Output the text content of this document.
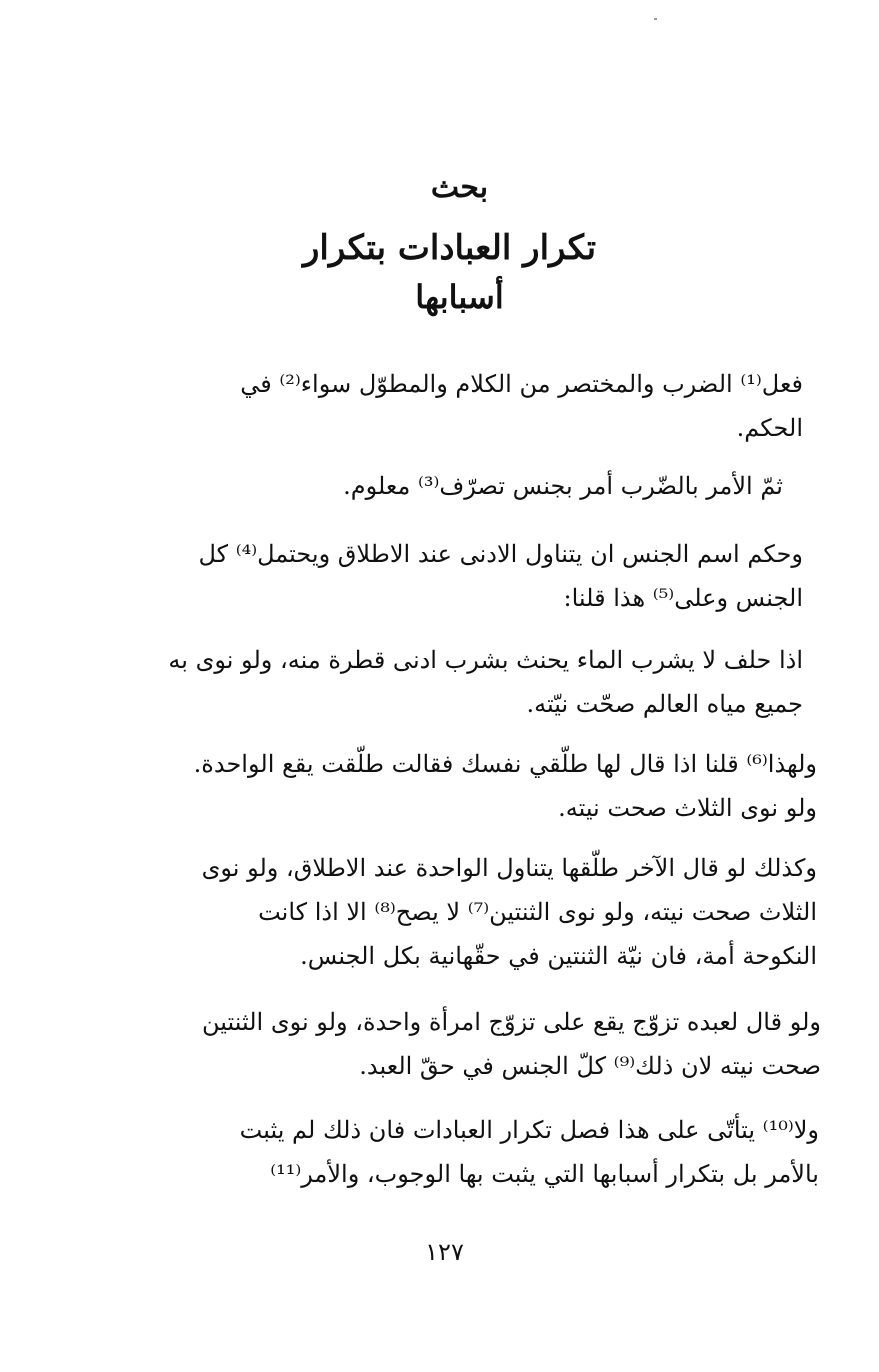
بحث
تكرار العبادات بتكرار
أسبابها
فعل⁽¹⁾ الضرب والمختصر من الكلام والمطوّل سواء⁽²⁾ في
الحكم.
ثمّ الأمر بالضّرب أمر بجنس تصرّف⁽³⁾ معلوم.
وحكم اسم الجنس ان يتناول الادنى عند الاطلاق ويحتمل⁽⁴⁾ كل
الجنس وعلى⁽⁵⁾ هذا قلنا:
اذا حلف لا يشرب الماء يحنث بشرب ادنى قطرة منه، ولو نوى به
جميع مياه العالم صحّت نيّته.
ولهذا⁽⁶⁾ قلنا اذا قال لها طلّقي نفسك فقالت طلّقت يقع الواحدة.
ولو نوى الثلاث صحت نيته.
وكذلك لو قال الآخر طلّقها يتناول الواحدة عند الاطلاق، ولو نوى
الثلاث صحت نيته، ولو نوى الثنتين⁽⁷⁾ لا يصح⁽⁸⁾ الا اذا كانت
النكوحة أمة، فان نيّة الثنتين في حقّهانية بكل الجنس.
ولو قال لعبده تزوّج يقع على تزوّج امرأة واحدة، ولو نوى الثنتين
صحت نيته لان ذلك⁽⁹⁾ كلّ الجنس في حقّ العبد.
ولا⁽¹⁰⁾ يتأتّى على هذا فصل تكرار العبادات فان ذلك لم يثبت
بالأمر بل بتكرار أسبابها التي يثبت بها الوجوب، والأمر⁽¹¹⁾
١٢٧
